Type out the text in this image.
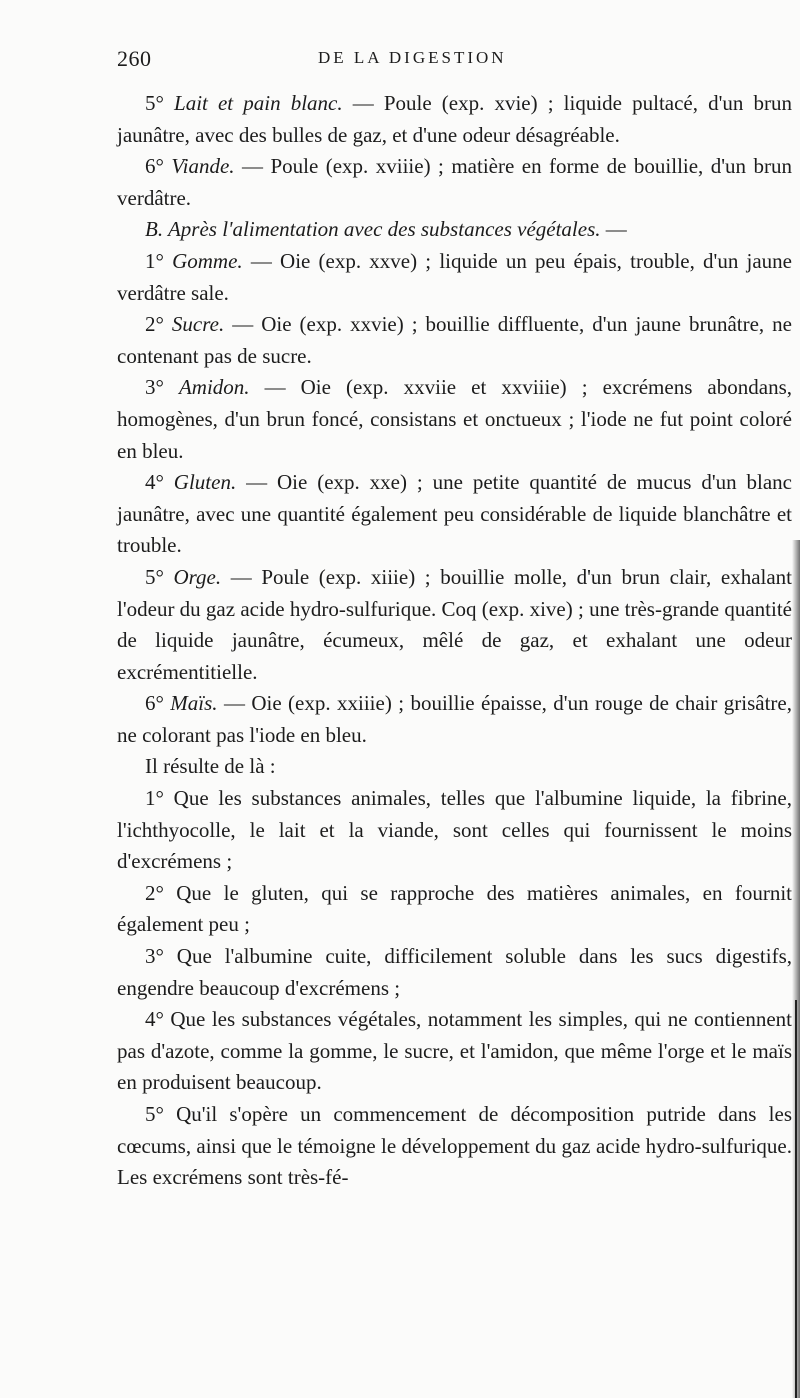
260	DE LA DIGESTION

5° Lait et pain blanc. — Poule (exp. xvie) ; liquide pultacé, d'un brun jaunâtre, avec des bulles de gaz, et d'une odeur désagréable.

6° Viande. — Poule (exp. xviiie) ; matière en forme de bouillie, d'un brun verdâtre.

B. Après l'alimentation avec des substances végétales. —

1° Gomme. — Oie (exp. xxve) ; liquide un peu épais, trouble, d'un jaune verdâtre sale.

2° Sucre. — Oie (exp. xxvie) ; bouillie diffluente, d'un jaune brunâtre, ne contenant pas de sucre.

3° Amidon. — Oie (exp. xxviie et xxviiie) ; excrémens abondans, homogènes, d'un brun foncé, consistans et onctueux ; l'iode ne fut point coloré en bleu.

4° Gluten. — Oie (exp. xxe) ; une petite quantité de mucus d'un blanc jaunâtre, avec une quantité également peu considérable de liquide blanchâtre et trouble.

5° Orge. — Poule (exp. xiiie) ; bouillie molle, d'un brun clair, exhalant l'odeur du gaz acide hydro-sulfurique. Coq (exp. xive) ; une très-grande quantité de liquide jaunâtre, écumeux, mêlé de gaz, et exhalant une odeur excrémentitielle.

6° Maïs. — Oie (exp. xxiiie) ; bouillie épaisse, d'un rouge de chair grisâtre, ne colorant pas l'iode en bleu.

Il résulte de là :

1° Que les substances animales, telles que l'albumine liquide, la fibrine, l'ichthyocolle, le lait et la viande, sont celles qui fournissent le moins d'excrémens ;

2° Que le gluten, qui se rapproche des matières animales, en fournit également peu ;

3° Que l'albumine cuite, difficilement soluble dans les sucs digestifs, engendre beaucoup d'excrémens ;

4° Que les substances végétales, notamment les simples, qui ne contiennent pas d'azote, comme la gomme, le sucre, et l'amidon, que même l'orge et le maïs en produisent beaucoup.

5° Qu'il s'opère un commencement de décomposition putride dans les cœcums, ainsi que le témoigne le développement du gaz acide hydro-sulfurique. Les excrémens sont très-fé-
